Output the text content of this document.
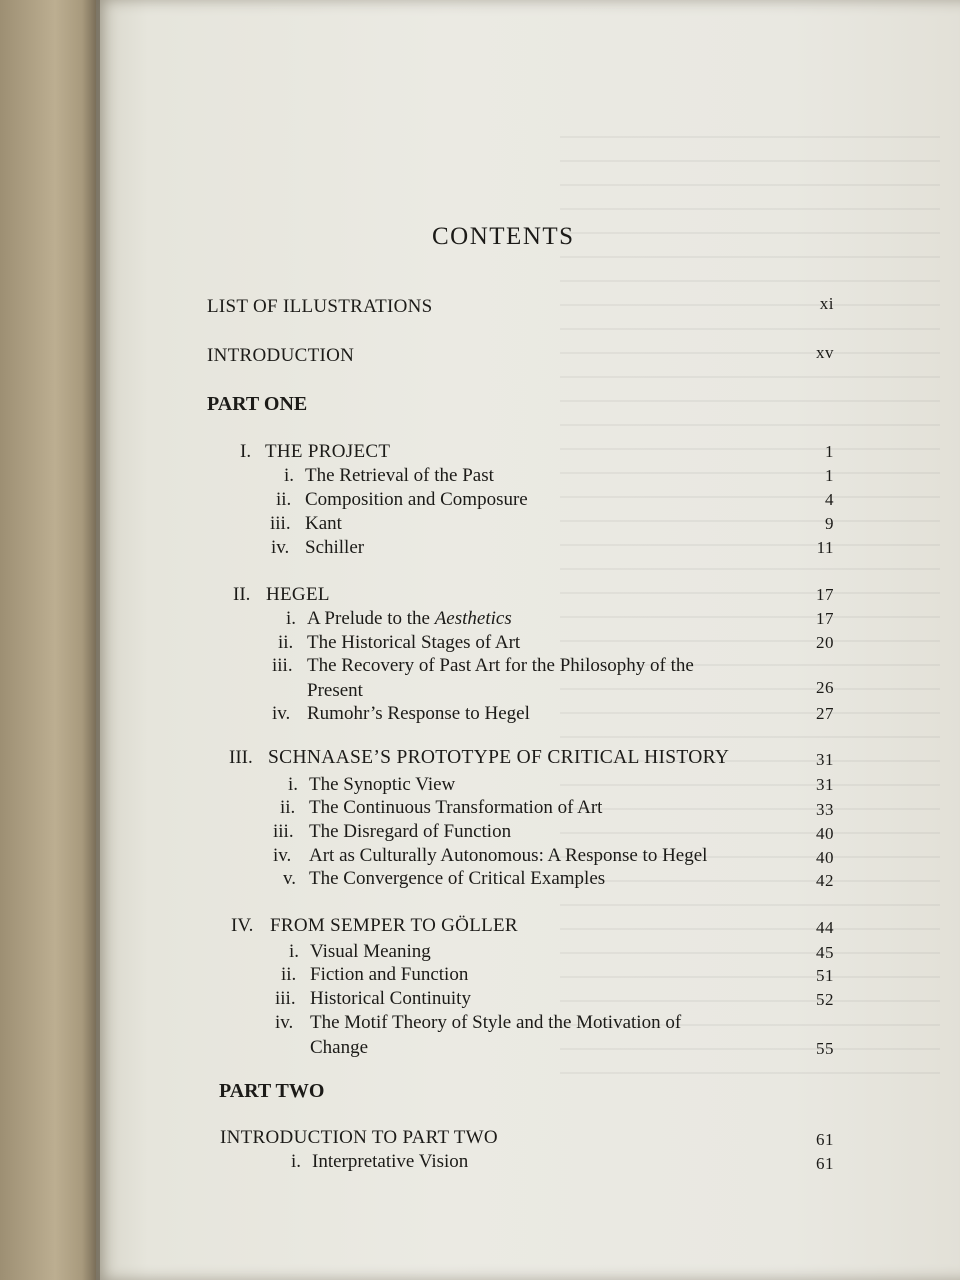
CONTENTS
LIST OF ILLUSTRATIONS	xi
INTRODUCTION	xv
PART ONE
I. THE PROJECT	1
i. The Retrieval of the Past	1
ii. Composition and Composure	4
iii. Kant	9
iv. Schiller	11
II. HEGEL	17
i. A Prelude to the Aesthetics	17
ii. The Historical Stages of Art	20
iii. The Recovery of Past Art for the Philosophy of the
Present	26
iv. Rumohr’s Response to Hegel	27
III. SCHNAASE’S PROTOTYPE OF CRITICAL HISTORY	31
i. The Synoptic View	31
ii. The Continuous Transformation of Art	33
iii. The Disregard of Function	40
iv. Art as Culturally Autonomous: A Response to Hegel	40
v. The Convergence of Critical Examples	42
IV. FROM SEMPER TO GÖLLER	44
i. Visual Meaning	45
ii. Fiction and Function	51
iii. Historical Continuity	52
iv. The Motif Theory of Style and the Motivation of
Change	55
PART TWO
INTRODUCTION TO PART TWO	61
i. Interpretative Vision	61
